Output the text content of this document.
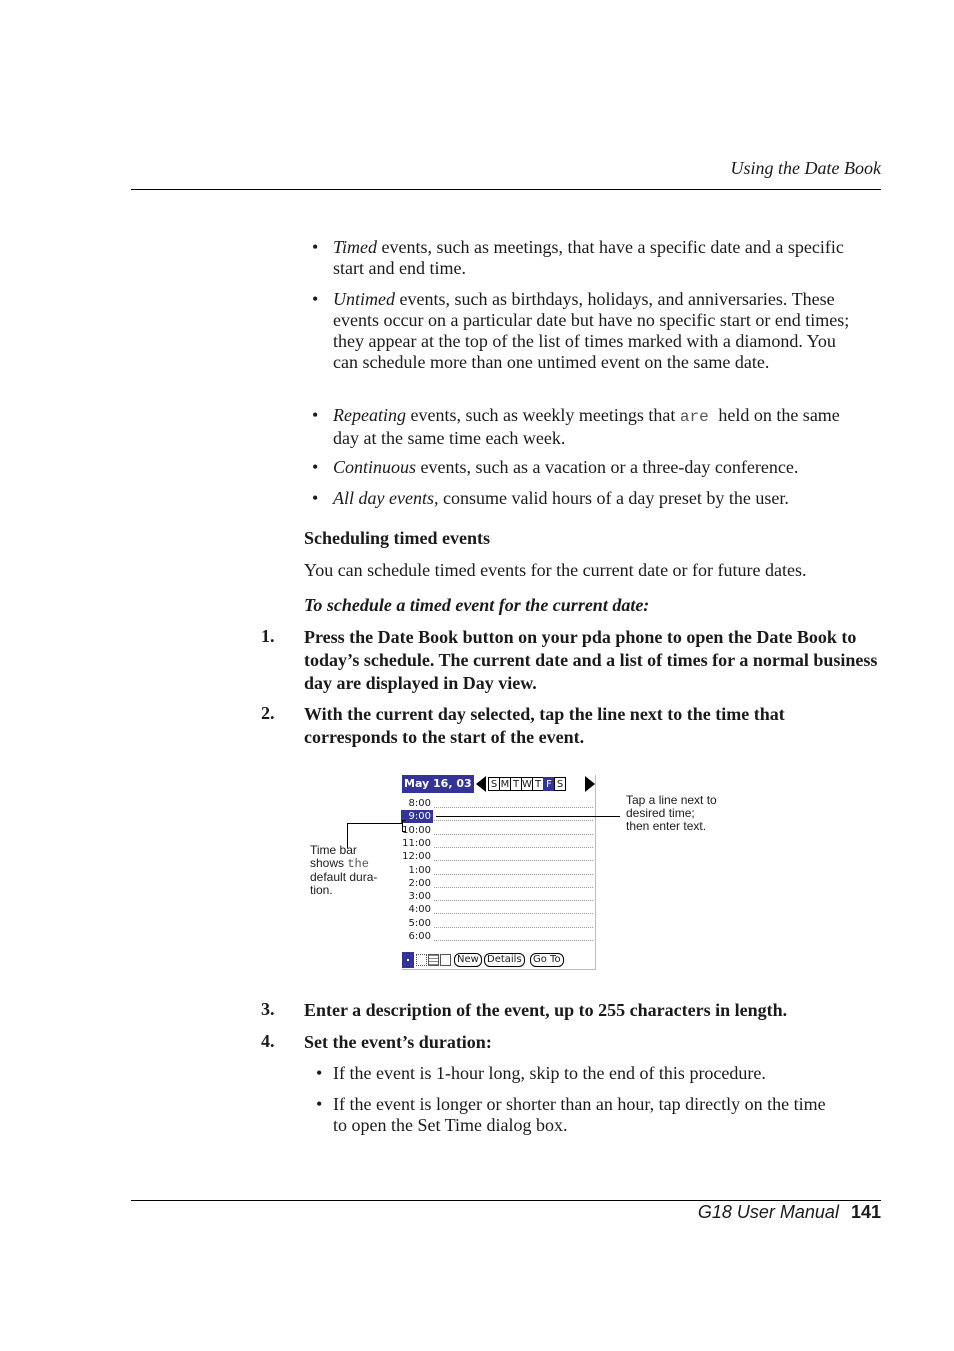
Using the Date Book
• Timed events, such as meetings, that have a specific date and a specific start and end time.
• Untimed events, such as birthdays, holidays, and anniversaries. These events occur on a particular date but have no specific start or end times; they appear at the top of the list of times marked with a diamond. You can schedule more than one untimed event on the same date.
• Repeating events, such as weekly meetings that are held on the same day at the same time each week.
• Continuous events, such as a vacation or a three-day conference.
• All day events, consume valid hours of a day preset by the user.
Scheduling timed events
You can schedule timed events for the current date or for future dates.
To schedule a timed event for the current date:
1. Press the Date Book button on your pda phone to open the Date Book to today’s schedule. The current date and a list of times for a normal business day are displayed in Day view.
2. With the current day selected, tap the line next to the time that corresponds to the start of the event.
May 16, 03 S M T W T F S
8:00
9:00
10:00
11:00
12:00
1:00
2:00
3:00
4:00
5:00
6:00
New Details	Go To
Tap a line next to
desired time;
then enter text.
Time bar
shows the
default dura-
tion.
3. Enter a description of the event, up to 255 characters in length.
4. Set the event’s duration:
• If the event is 1-hour long, skip to the end of this procedure.
• If the event is longer or shorter than an hour, tap directly on the time to open the Set Time dialog box.
G18 User Manual 141
